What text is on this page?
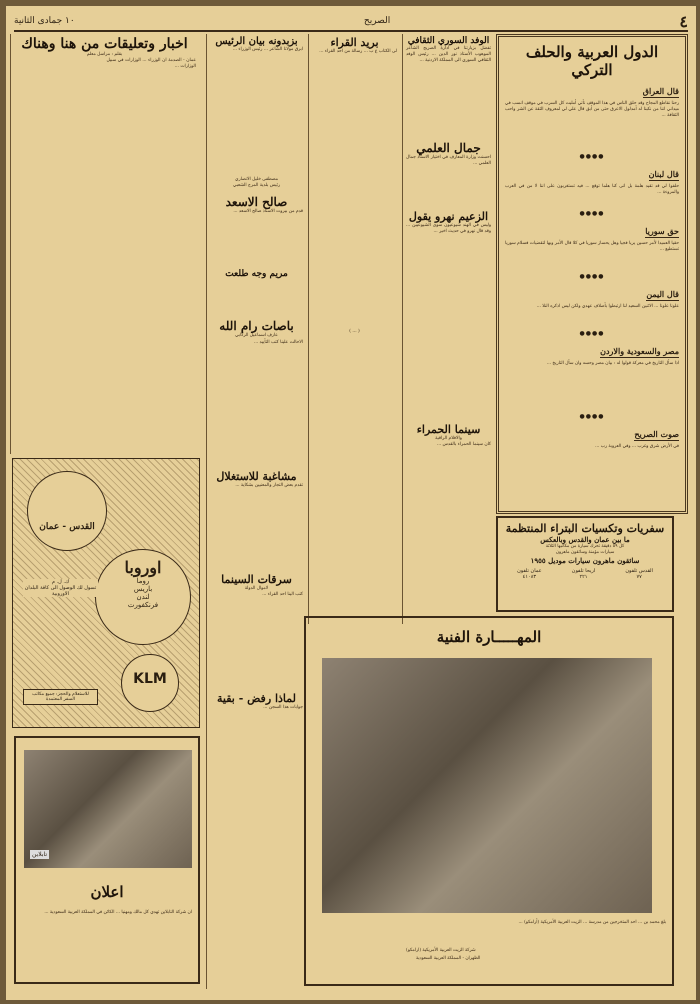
٤
الصريح
١٠ جمادى الثانية
الدول العربية والحلف التركي
قال العراق
رحنا نقاطع المجاح وقد حلق الناس في هذا الموقف نأتي أمليت كل السرب في موقف انسب في ميداني اننا من نكبنا له أمدلول الاعرق حتى من أبق قال علي لي لمعروف الثقة عن الشر واحب الثقافة ...
●●●●
قال لبنان
حلفوا لي قد تقيد هلمة بل انى كنا هلما توقع ... فيه تستغربون على اننا لا من في العرب والمروءة ...
●●●●
حق سوريا
حقيا العميدا لأمر حسين يريا فجيا وهل يحساز سوريا في كلا قال الأمر وبها لتقضيات فسلام سوريا تستطيع ...
●●●●
قال اليمن
علونا علونا ... الاثنين السعيد لنا ارتبطوا بأصلاف عهدي ولكن ليس اذكره النلا ...
●●●●
مصر والسعودية والاردن
اذا سأل التاريخ في معركة قولوا له : بيان مصر وحسه وان سأل التاريخ ...
●●●●
صوت الصريح
في الأرض شرق وغرب ... وفي العروبة رب ...
سفريات وتكسيات البتراء المنتظمة
ما بين عمان والقدس وبالعكس
كل ٥٩ دقيقة تحرك سيارة من مكاتبها الثلاثة
سيارات مؤمنة وسائقون ماهرون
سائقون ماهرون سيارات موديل ١٩٥٥
القدس تلفون
٧٧
اريحا تلفون
٢٢١
عمان تلفون
٤١٠٨٣
الوفد السوري الثقافي
تفضل بزيارتنا في ادارة الصريح الشاعر الموهوب الأستاذ نور الدين ... رئيس الوفد الثقافي السوري الى المملكة الاردنية ...
جمال العلمي
احسنت وزارة المعارف في اختيار الاستاذ جمال العلمي ...
الزعيم نهرو يقول
وليس في الهند شيوعيون سوى الشيوعيين ... وقد قال نهرو في حديث اخير ...
سينما الحمراء
والافلام الراقية
كان سينما الحمراء بالقدس ...
بريد القراء
لى الكتاب ع ب ... رسالة من احد القراء ...
( ... )
بزبدونه بيان الرئيس
ابرق مولانا الشاعر ... رئيس الوزراء ...
مصطفى خليل الانصاري
رئيس بلدية المرج الشعبي
صالح الاسعد
قدم من بيروت الاستاذ صالح الاسعد ...
مريم وجه طلعت
باصات رام الله
عارف اسماعيل الركابي
الاحالت علينا كتب التأييد ...
مشاغبة للاستغلال
تقدم بعض التجار والمعنيين بشكاية ...
سرقات السينما
لاموال الدولة
كتب الينا احد القراء ...
لماذا رفض - بقية
جوابات هذا السجن ...
المهـــــارة الفنية
بلغ محمد بن ... احد المتخرجين من مدرسة ... الزيت العربية الأمريكية (أرامكو) ...
شركة الزيت العربية الأمريكية (ارامكو)
الظهران - المملكة العربية السعودية
اخبار وتعليقات من هنا وهناك
بقلم : مراسل معلم
عمان - الصدمة ان الوزراء ... الوزارات في سبيل الوزارات ...
القدس - عمان
اوروبا
روما
باريس
لندن
فرنكفورت
ك. ل. م
تسول لك الوصول الى كافة البلدان الاوروبية
KLM
للاستعلام والحجز: جميع مكاتب السفر المعتمدة
تابلاين
اعلان
ان شركة التابلاين تهدي كل مالك ومهنيا ... الكائن في المملكة العربية السعودية ...
